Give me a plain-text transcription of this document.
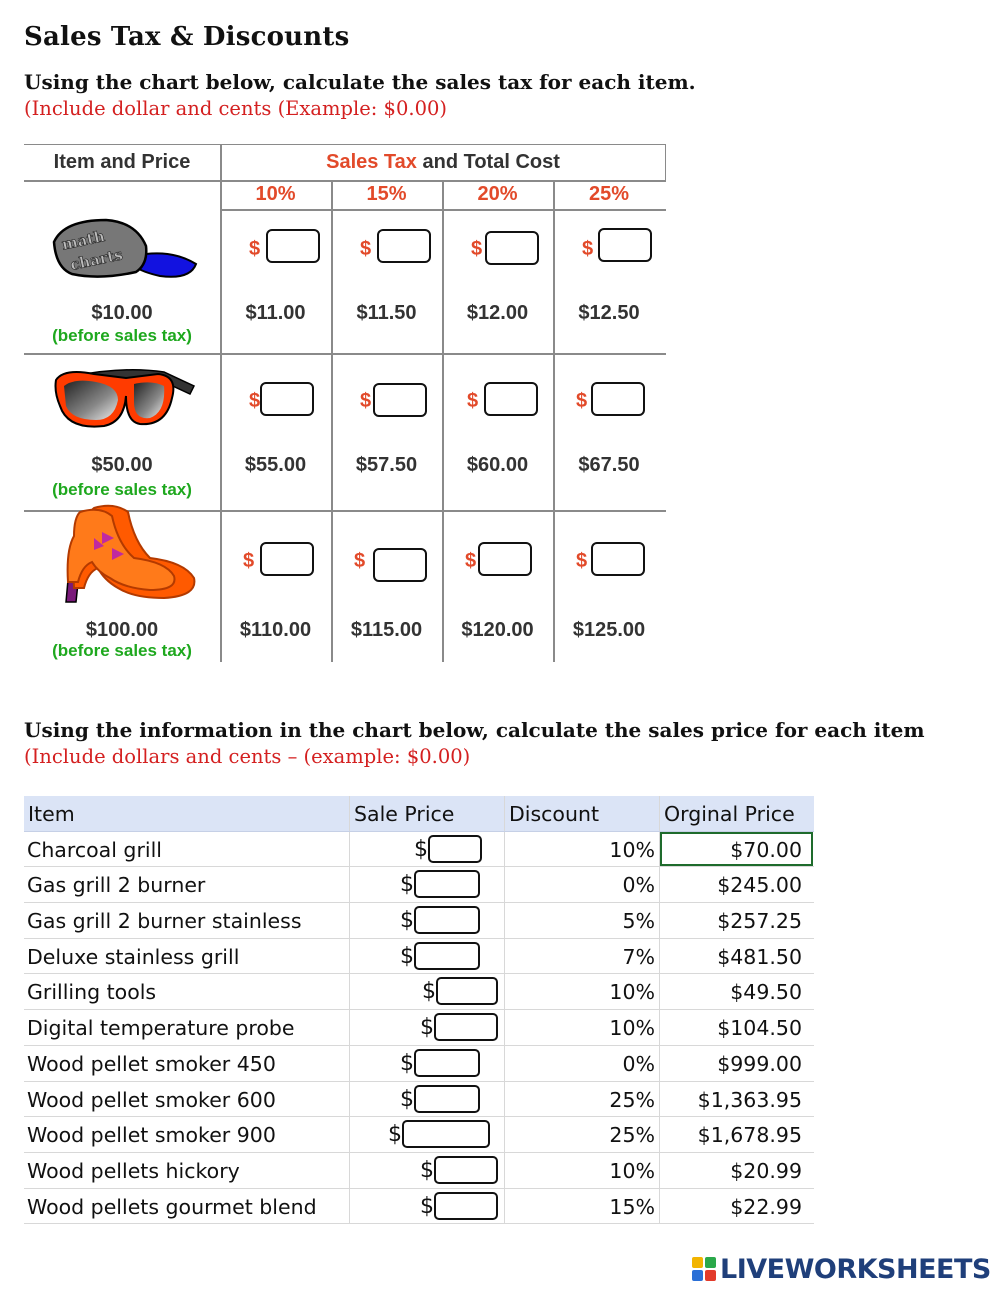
Sales Tax & Discounts
Using the chart below, calculate the sales tax for each item.
(Include dollar and cents (Example: $0.00)
Item and Price	Sales Tax and Total Cost
10%	15%	20%	25%
math
charts
$10.00
(before sales tax)
$	$	$	$
$11.00	$11.50	$12.00	$12.50
$50.00
(before sales tax)
$	$	$	$
$55.00	$57.50	$60.00	$67.50
$100.00
(before sales tax)
$	$	$	$
$110.00	$115.00	$120.00	$125.00
Using the information in the chart below, calculate the sales price for each item
(Include dollars and cents – (example: $0.00)
Item	Sale Price	Discount	Orginal Price
Charcoal grill	$	10%	$70.00
Gas grill 2 burner	$	0%	$245.00
Gas grill 2 burner stainless	$	5%	$257.25
Deluxe stainless grill	$	7%	$481.50
Grilling tools	$	10%	$49.50
Digital temperature probe	$	10%	$104.50
Wood pellet smoker 450	$	0%	$999.00
Wood pellet smoker 600	$	25%	$1,363.95
Wood pellet smoker 900	$	25%	$1,678.95
Wood pellets hickory	$	10%	$20.99
Wood pellets gourmet blend	$	15%	$22.99
LIVEWORKSHEETS
